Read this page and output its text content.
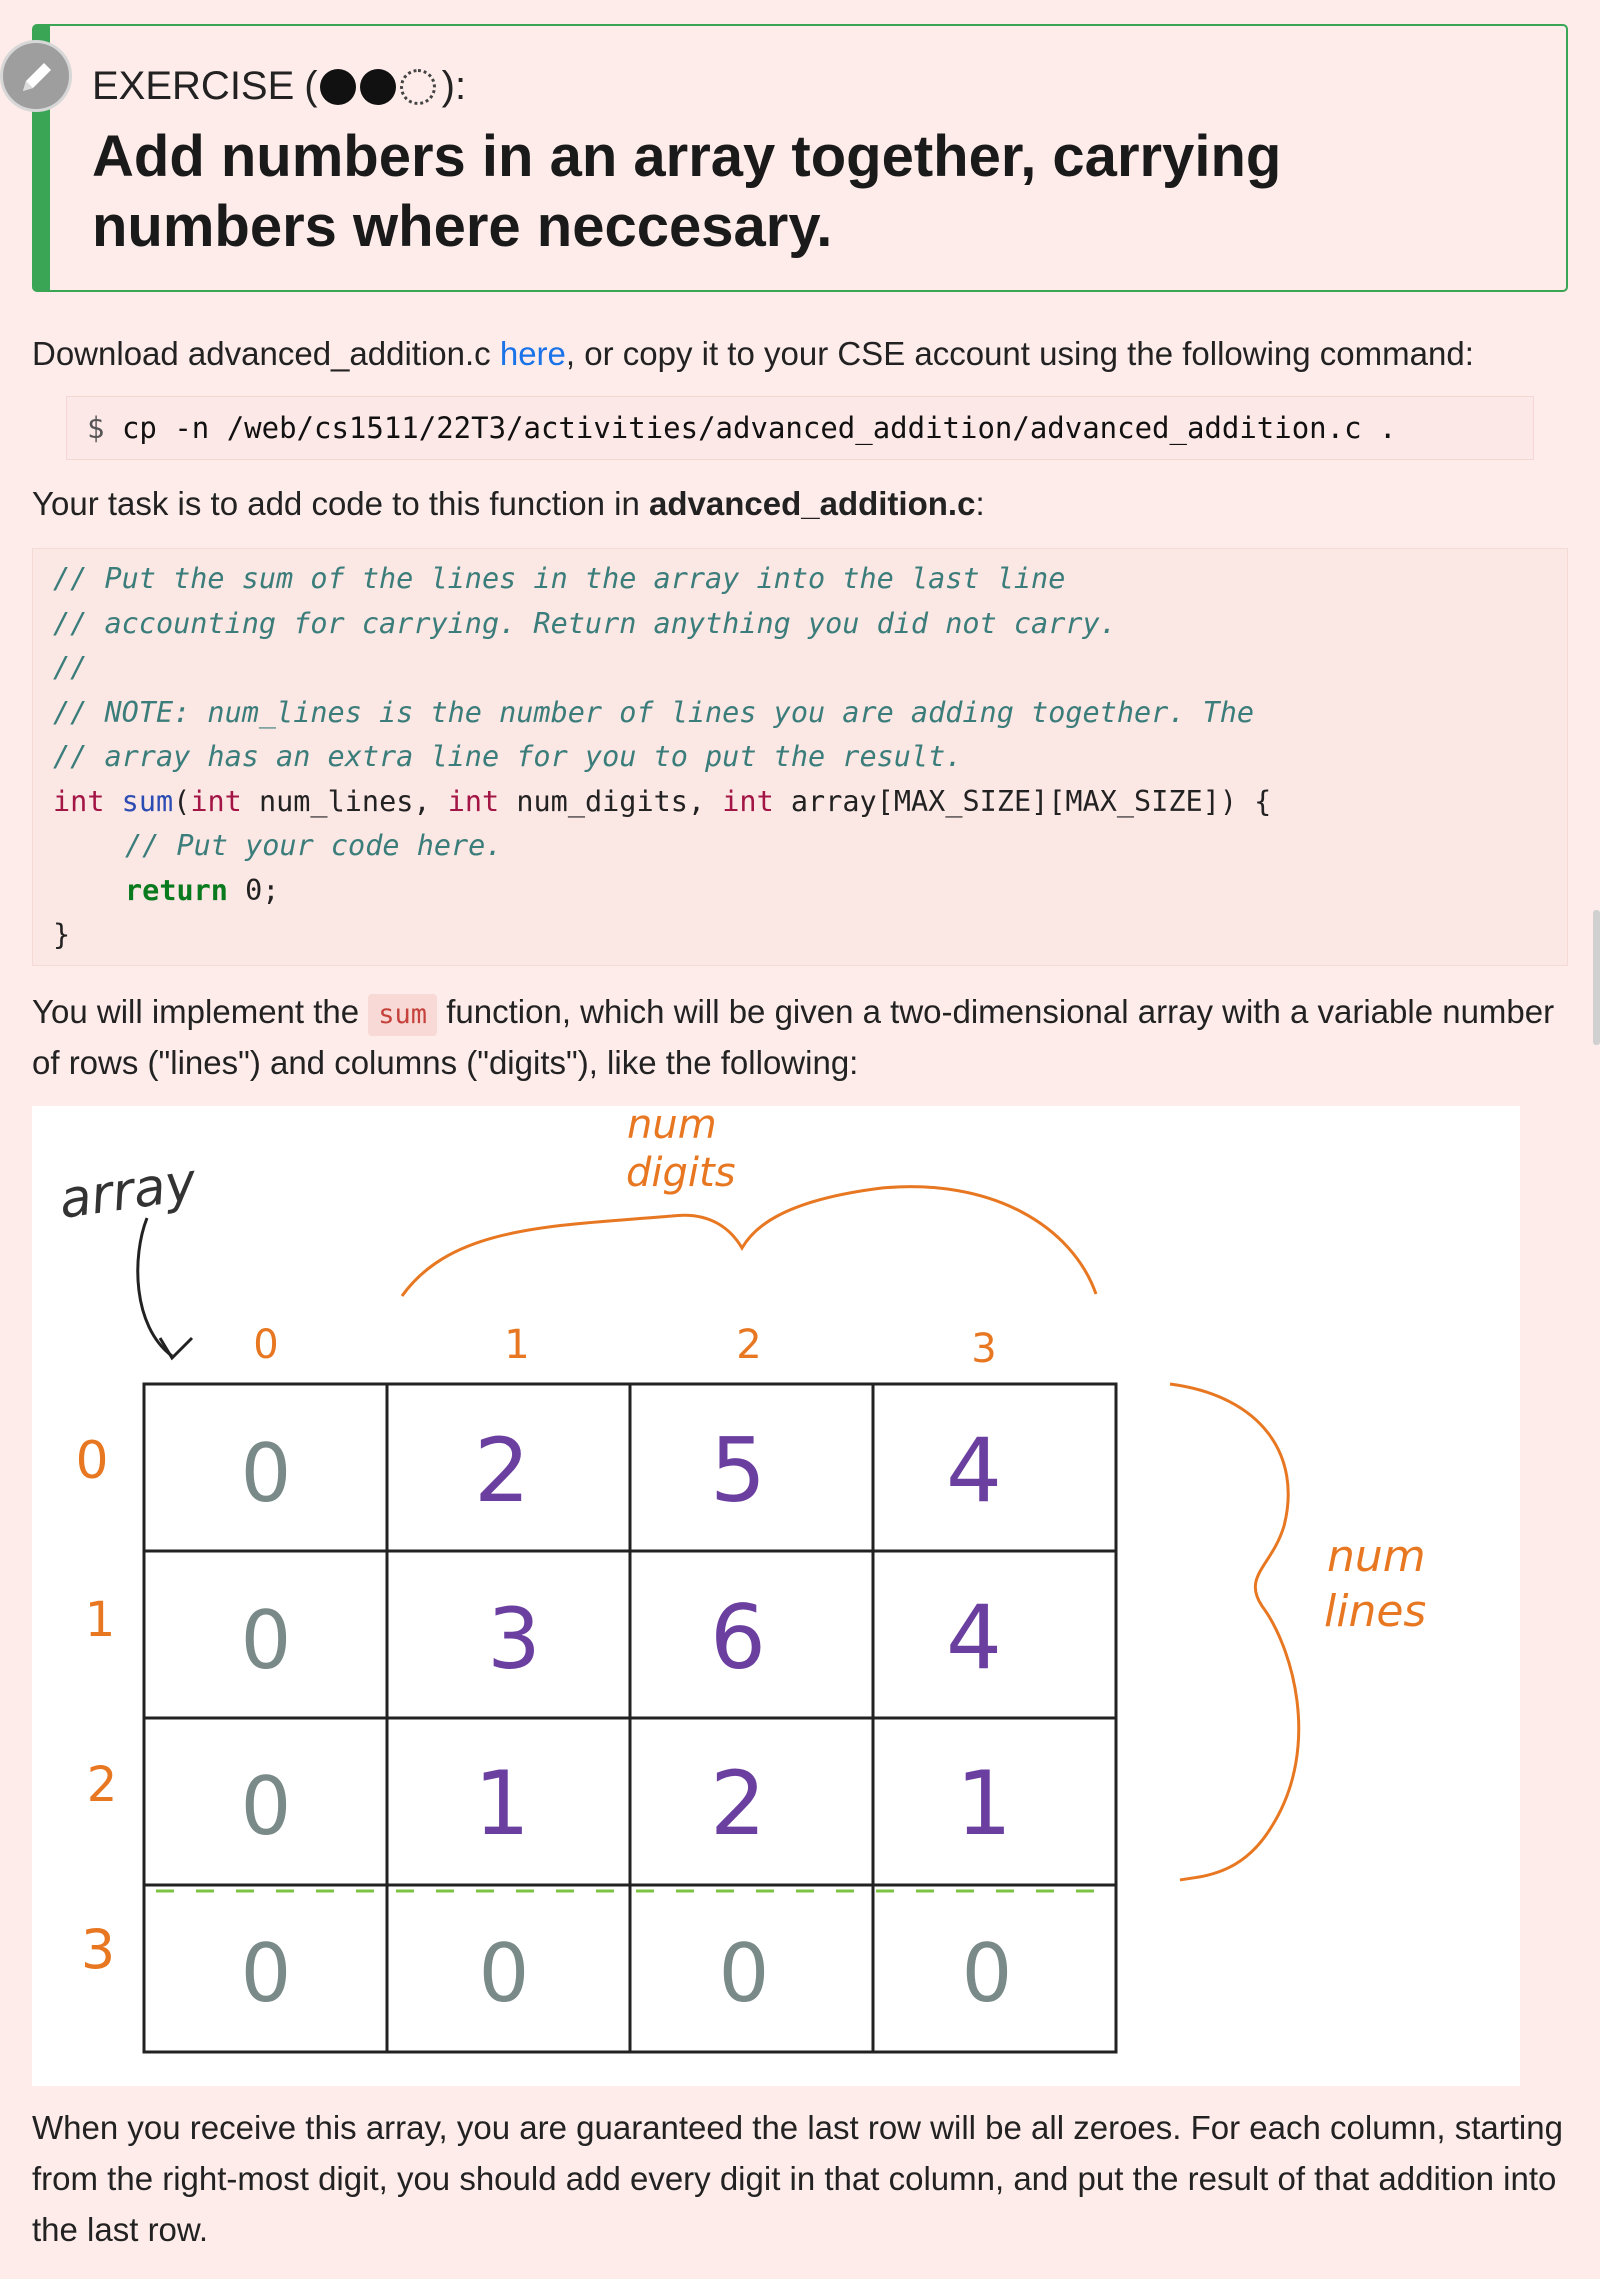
EXERCISE (	):
Add numbers in an array together, carrying numbers where neccesary.
Download advanced_addition.c here, or copy it to your CSE account using the following command:
$ cp -n /web/cs1511/22T3/activities/advanced_addition/advanced_addition.c .
Your task is to add code to this function in advanced_addition.c:
// Put the sum of the lines in the array into the last line
// accounting for carrying. Return anything you did not carry.
//
// NOTE: num_lines is the number of lines you are adding together. The
// array has an extra line for you to put the result.
int sum(int num_lines, int num_digits, int array[MAX_SIZE][MAX_SIZE]) {
// Put your code here.
return 0;
}
You will implement the sum function, which will be given a two-dimensional array with a variable number of rows ("lines") and columns ("digits"), like the following:
array
num
digits
num
lines
0	1	2	3
0
1
2
3
0 2 5 4
0 3 6 4
0 1 2 1
0 0 0 0
When you receive this array, you are guaranteed the last row will be all zeroes. For each column, starting from the right-most digit, you should add every digit in that column, and put the result of that addition into the last row.
